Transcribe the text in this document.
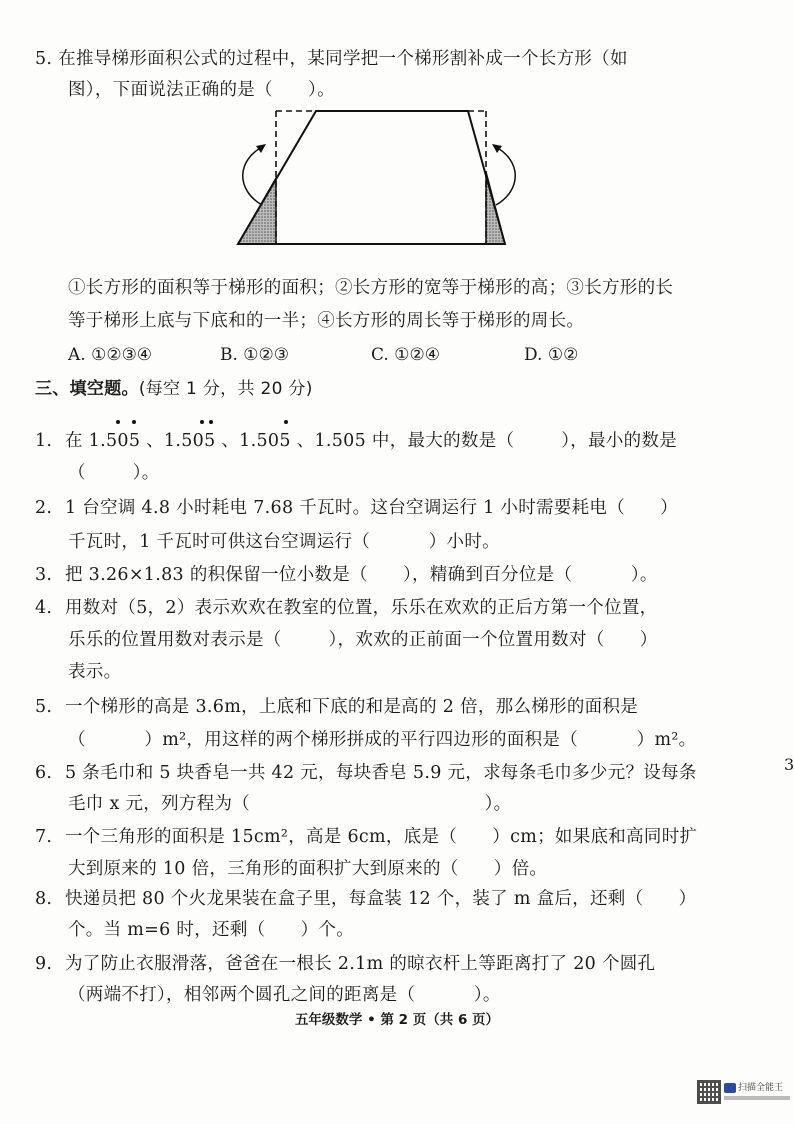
5. 在推导梯形面积公式的过程中，某同学把一个梯形割补成一个长方形（如
图），下面说法正确的是（      ）。
①长方形的面积等于梯形的面积；②长方形的宽等于梯形的高；③长方形的长
等于梯形上底与下底和的一半；④长方形的周长等于梯形的周长。
A. ①②③④	B. ①②③	C. ①②④	D. ①②
三、填空题。(每空 1 分，共 20 分)
1. 在 1.505 、1.505 、1.505 、1.505 中，最大的数是（        ），最小的数是
（        ）。
2. 1 台空调 4.8 小时耗电 7.68 千瓦时。这台空调运行 1 小时需要耗电（      ）
千瓦时，1 千瓦时可供这台空调运行（          ）小时。
3. 把 3.26×1.83 的积保留一位小数是（      ），精确到百分位是（          ）。
4. 用数对（5，2）表示欢欢在教室的位置，乐乐在欢欢的正后方第一个位置，
乐乐的位置用数对表示是（        ），欢欢的正前面一个位置用数对（      ）
表示。
5. 一个梯形的高是 3.6m，上底和下底的和是高的 2 倍，那么梯形的面积是
（          ）m²，用这样的两个梯形拼成的平行四边形的面积是（          ）m²。
6. 5 条毛巾和 5 块香皂一共 42 元，每块香皂 5.9 元，求每条毛巾多少元？设每条
毛巾 x 元，列方程为（                                        ）。
7. 一个三角形的面积是 15cm²，高是 6cm，底是（      ）cm；如果底和高同时扩
大到原来的 10 倍，三角形的面积扩大到原来的（      ）倍。
8. 快递员把 80 个火龙果装在盒子里，每盒装 12 个，装了 m 盒后，还剩（      ）
个。当 m=6 时，还剩（      ）个。
9. 为了防止衣服滑落，爸爸在一根长 2.1m 的晾衣杆上等距离打了 20 个圆孔
（两端不打），相邻两个圆孔之间的距离是（          ）。
五年级数学 • 第 2 页（共 6 页）
3
扫描全能王
